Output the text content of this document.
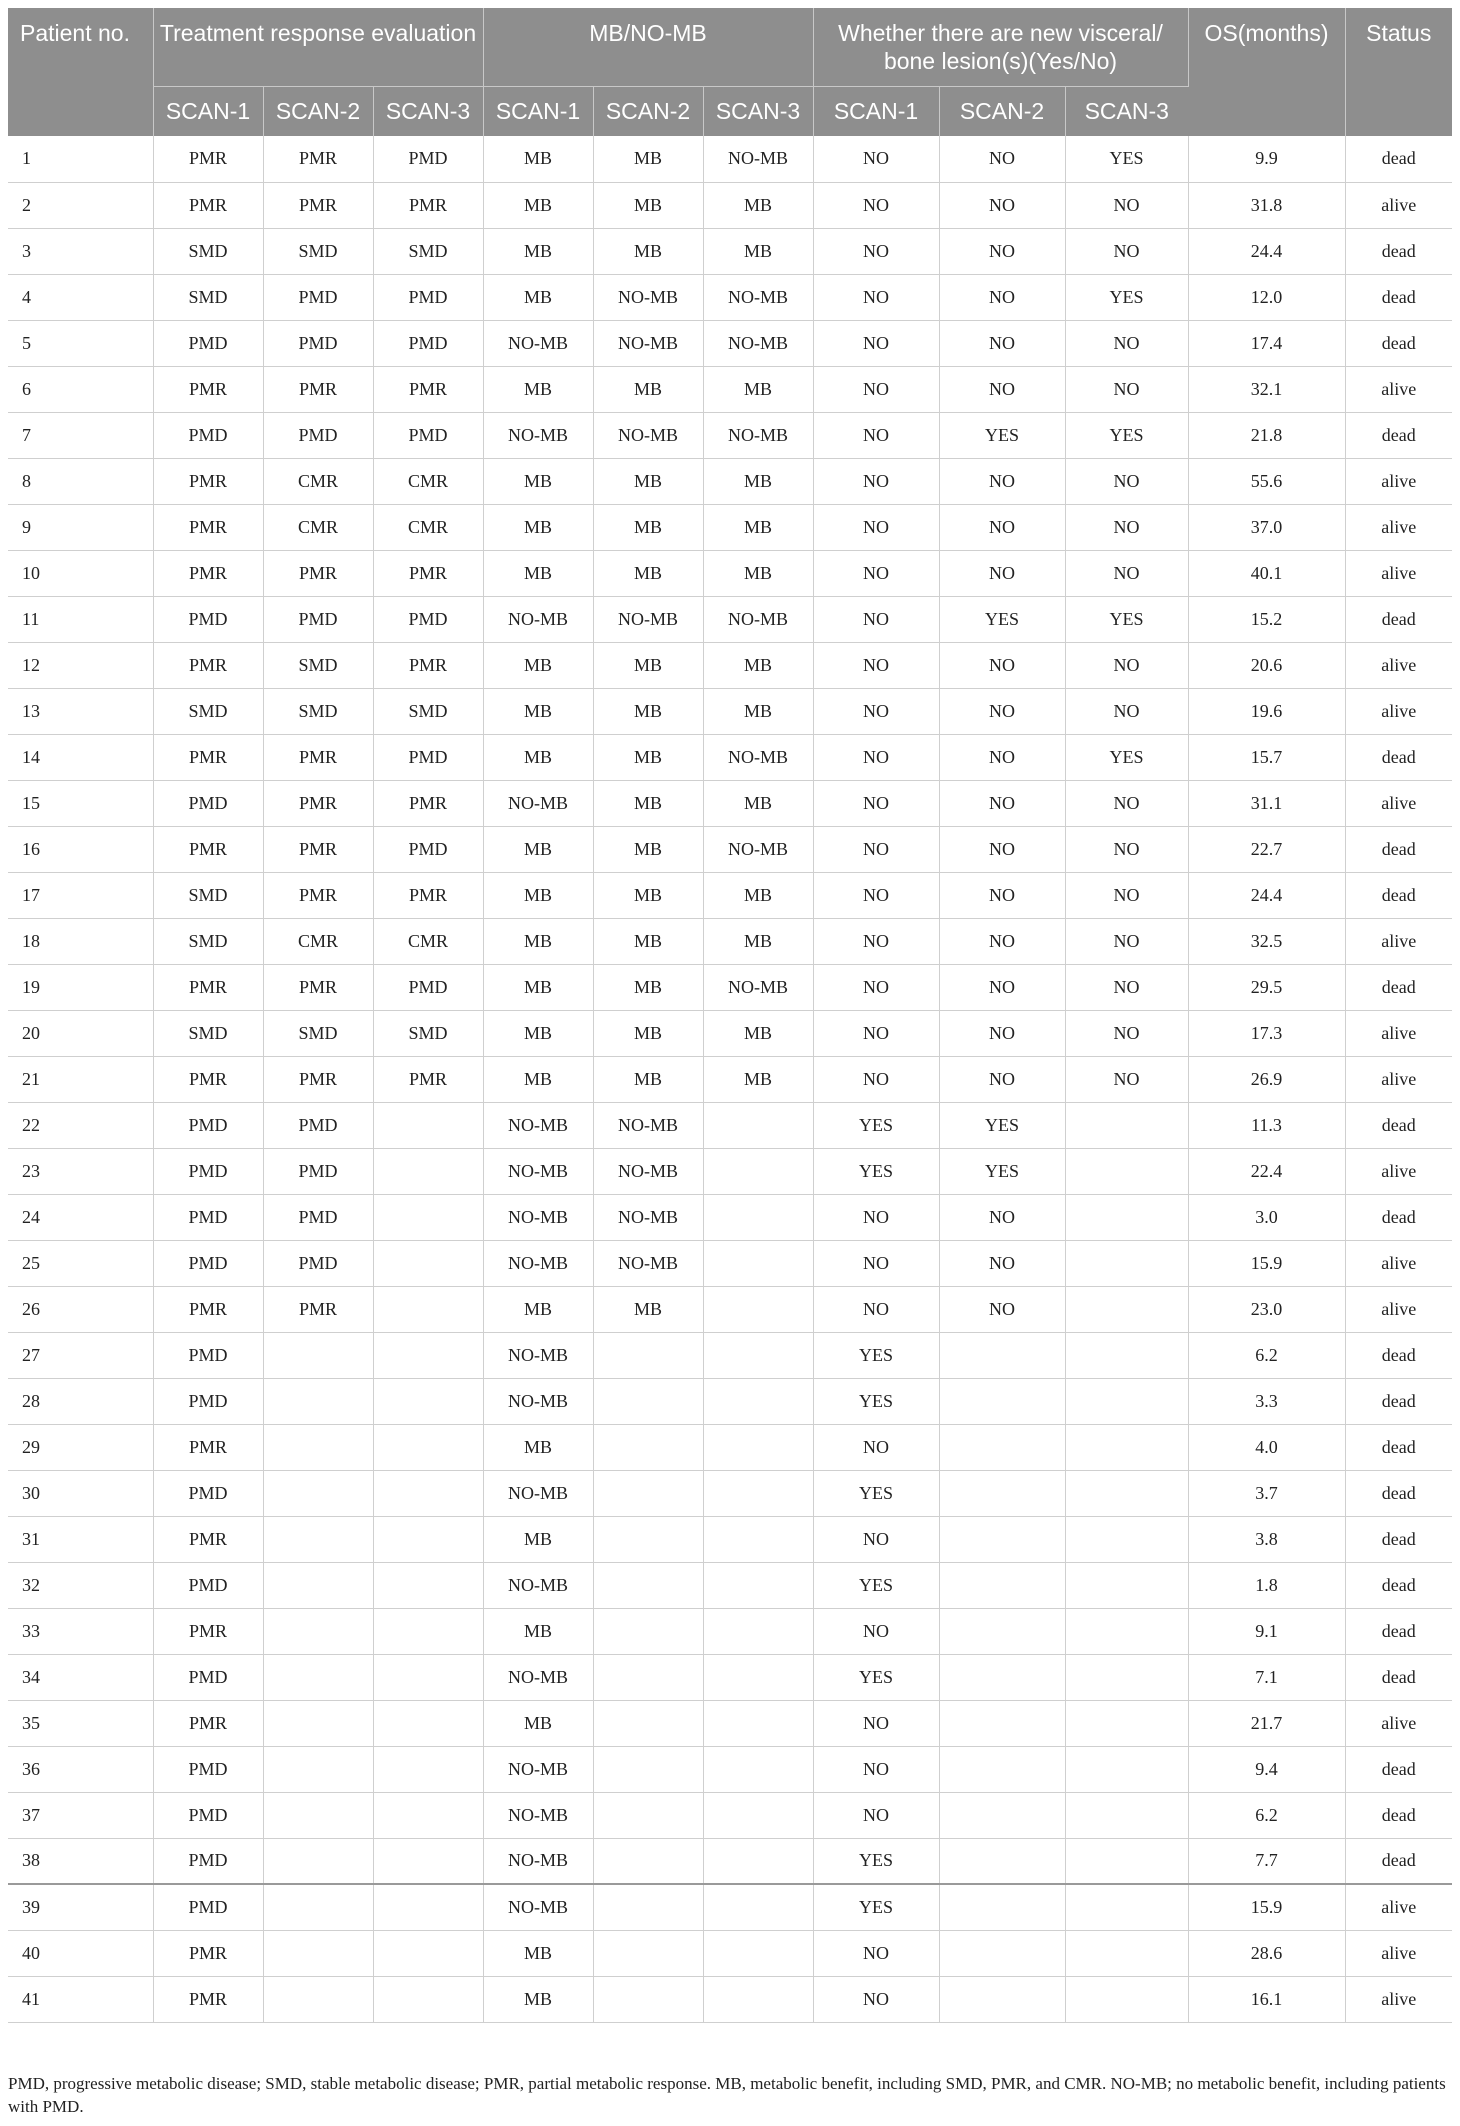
Patient no.	Treatment response evaluation			MB/NO-MB			Whether there are new visceral/ bone lesion(s)(Yes/No)			OS(months)	Status
	SCAN-1	SCAN-2	SCAN-3	SCAN-1	SCAN-2	SCAN-3	SCAN-1	SCAN-2	SCAN-3		
1	PMR	PMR	PMD	MB	MB	NO-MB	NO	NO	YES	9.9	dead
2	PMR	PMR	PMR	MB	MB	MB	NO	NO	NO	31.8	alive
3	SMD	SMD	SMD	MB	MB	MB	NO	NO	NO	24.4	dead
4	SMD	PMD	PMD	MB	NO-MB	NO-MB	NO	NO	YES	12.0	dead
5	PMD	PMD	PMD	NO-MB	NO-MB	NO-MB	NO	NO	NO	17.4	dead
6	PMR	PMR	PMR	MB	MB	MB	NO	NO	NO	32.1	alive
7	PMD	PMD	PMD	NO-MB	NO-MB	NO-MB	NO	YES	YES	21.8	dead
8	PMR	CMR	CMR	MB	MB	MB	NO	NO	NO	55.6	alive
9	PMR	CMR	CMR	MB	MB	MB	NO	NO	NO	37.0	alive
10	PMR	PMR	PMR	MB	MB	MB	NO	NO	NO	40.1	alive
11	PMD	PMD	PMD	NO-MB	NO-MB	NO-MB	NO	YES	YES	15.2	dead
12	PMR	SMD	PMR	MB	MB	MB	NO	NO	NO	20.6	alive
13	SMD	SMD	SMD	MB	MB	MB	NO	NO	NO	19.6	alive
14	PMR	PMR	PMD	MB	MB	NO-MB	NO	NO	YES	15.7	dead
15	PMD	PMR	PMR	NO-MB	MB	MB	NO	NO	NO	31.1	alive
16	PMR	PMR	PMD	MB	MB	NO-MB	NO	NO	NO	22.7	dead
17	SMD	PMR	PMR	MB	MB	MB	NO	NO	NO	24.4	dead
18	SMD	CMR	CMR	MB	MB	MB	NO	NO	NO	32.5	alive
19	PMR	PMR	PMD	MB	MB	NO-MB	NO	NO	NO	29.5	dead
20	SMD	SMD	SMD	MB	MB	MB	NO	NO	NO	17.3	alive
21	PMR	PMR	PMR	MB	MB	MB	NO	NO	NO	26.9	alive
22	PMD	PMD		NO-MB	NO-MB		YES	YES		11.3	dead
23	PMD	PMD		NO-MB	NO-MB		YES	YES		22.4	alive
24	PMD	PMD		NO-MB	NO-MB		NO	NO		3.0	dead
25	PMD	PMD		NO-MB	NO-MB		NO	NO		15.9	alive
26	PMR	PMR		MB	MB		NO	NO		23.0	alive
27	PMD			NO-MB			YES			6.2	dead
28	PMD			NO-MB			YES			3.3	dead
29	PMR			MB			NO			4.0	dead
30	PMD			NO-MB			YES			3.7	dead
31	PMR			MB			NO			3.8	dead
32	PMD			NO-MB			YES			1.8	dead
33	PMR			MB			NO			9.1	dead
34	PMD			NO-MB			YES			7.1	dead
35	PMR			MB			NO			21.7	alive
36	PMD			NO-MB			NO			9.4	dead
37	PMD			NO-MB			NO			6.2	dead
38	PMD			NO-MB			YES			7.7	dead
39	PMD			NO-MB			YES			15.9	alive
40	PMR			MB			NO			28.6	alive
41	PMR			MB			NO			16.1	alive
PMD, progressive metabolic disease; SMD, stable metabolic disease; PMR, partial metabolic response. MB, metabolic benefit, including SMD, PMR, and CMR. NO-MB; no metabolic benefit, including patients with PMD.
